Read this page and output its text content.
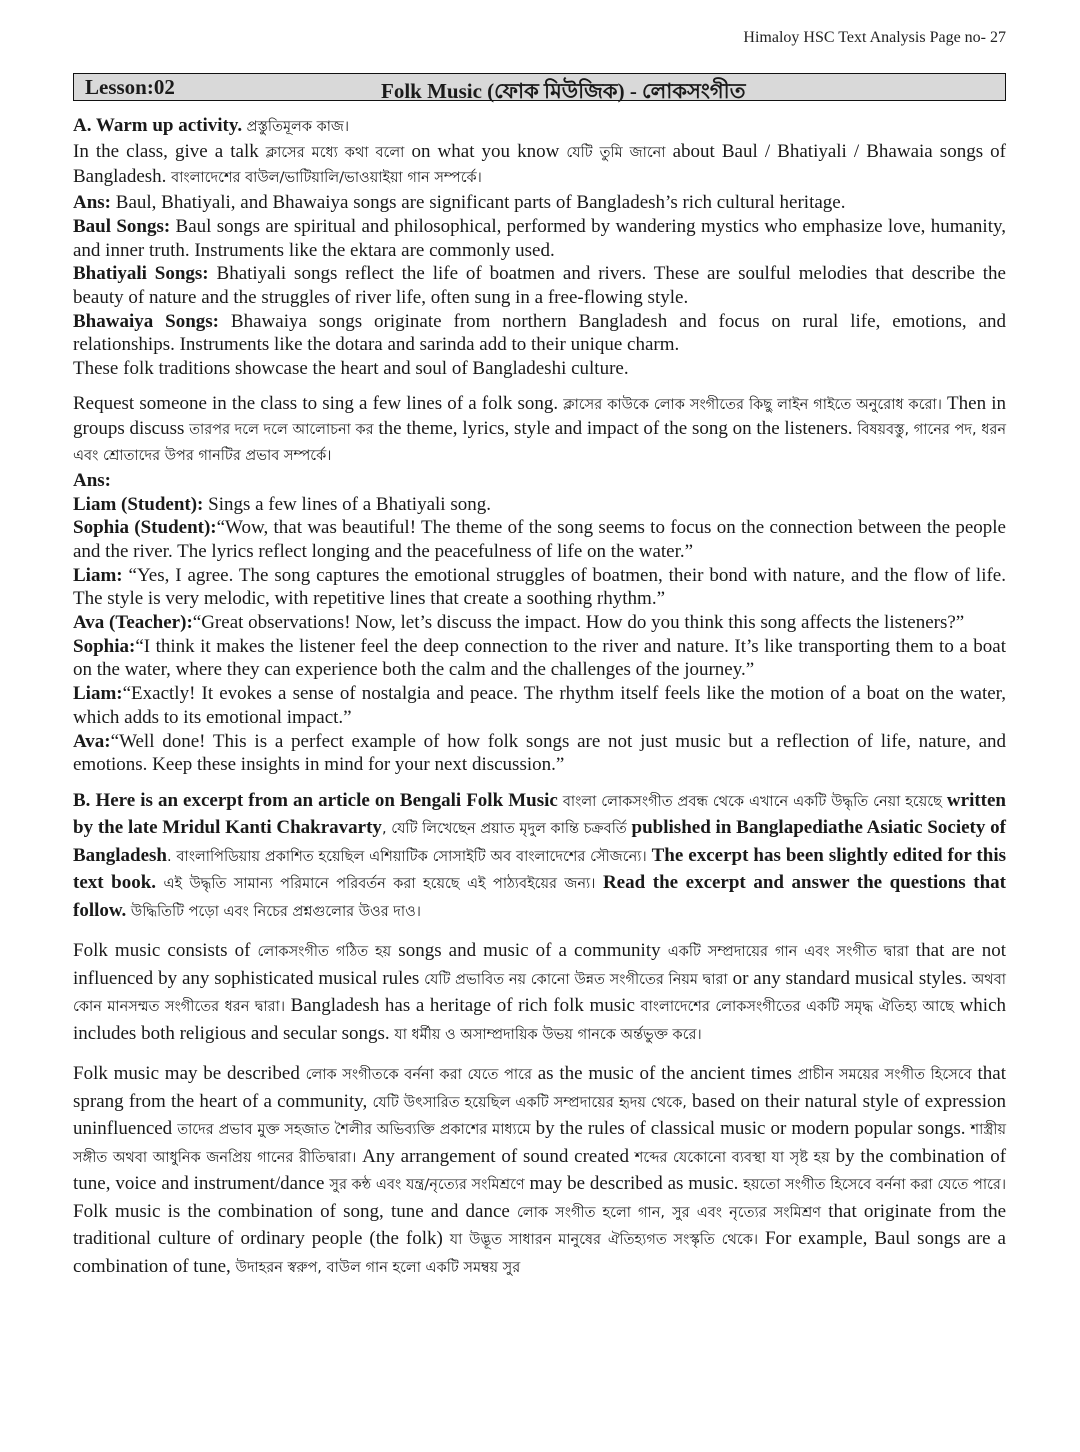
Himaloy HSC Text Analysis Page no- 27
Lesson:02	Folk Music (ফোক মিউজিক) - লোকসংগীত

A. Warm up activity. প্রস্তুতিমূলক কাজ।

In the class, give a talk ক্লাসের মধ্যে কথা বলো on what you know যেটি তুমি জানো about Baul / Bhatiyali / Bhawaia songs of Bangladesh. বাংলাদেশের বাউল/ভাটিয়ালি/ভাওয়াইয়া গান সম্পর্কে।

Ans: Baul, Bhatiyali, and Bhawaiya songs are significant parts of Bangladesh’s rich cultural heritage.

Baul Songs: Baul songs are spiritual and philosophical, performed by wandering mystics who emphasize love, humanity, and inner truth. Instruments like the ektara are commonly used.

Bhatiyali Songs: Bhatiyali songs reflect the life of boatmen and rivers. These are soulful melodies that describe the beauty of nature and the struggles of river life, often sung in a free-flowing style.

Bhawaiya Songs: Bhawaiya songs originate from northern Bangladesh and focus on rural life, emotions, and relationships. Instruments like the dotara and sarinda add to their unique charm.

These folk traditions showcase the heart and soul of Bangladeshi culture.

Request someone in the class to sing a few lines of a folk song. ক্লাসের কাউকে লোক সংগীতের কিছু লাইন গাইতে অনুরোধ করো। Then in groups discuss তারপর দলে দলে আলোচনা কর the theme, lyrics, style and impact of the song on the listeners. বিষয়বস্তু, গানের পদ, ধরন এবং শ্রোতাদের উপর গানটির প্রভাব সম্পর্কে।

Ans:

Liam (Student): Sings a few lines of a Bhatiyali song.

Sophia (Student):“Wow, that was beautiful! The theme of the song seems to focus on the connection between the people and the river. The lyrics reflect longing and the peacefulness of life on the water.”

Liam: “Yes, I agree. The song captures the emotional struggles of boatmen, their bond with nature, and the flow of life. The style is very melodic, with repetitive lines that create a soothing rhythm.”

Ava (Teacher):“Great observations! Now, let’s discuss the impact. How do you think this song affects the listeners?”

Sophia:“I think it makes the listener feel the deep connection to the river and nature. It’s like transporting them to a boat on the water, where they can experience both the calm and the challenges of the journey.”

Liam:“Exactly! It evokes a sense of nostalgia and peace. The rhythm itself feels like the motion of a boat on the water, which adds to its emotional impact.”

Ava:“Well done! This is a perfect example of how folk songs are not just music but a reflection of life, nature, and emotions. Keep these insights in mind for your next discussion.”

B. Here is an excerpt from an article on Bengali Folk Music বাংলা লোকসংগীত প্রবন্ধ থেকে এখানে একটি উদ্ধৃতি নেয়া হয়েছে written by the late Mridul Kanti Chakravarty, যেটি লিখেছেন প্রয়াত মৃদুল কান্তি চক্রবর্তি published in Banglapediathe Asiatic Society of Bangladesh. বাংলাপিডিয়ায় প্রকাশিত হয়েছিল এশিয়াটিক সোসাইটি অব বাংলাদেশের সৌজন্যে। The excerpt has been slightly edited for this text book. এই উদ্ধৃতি সামান্য পরিমানে পরিবর্তন করা হয়েছে এই পাঠ্যবইয়ের জন্য। Read the excerpt and answer the questions that follow. উদ্ধিতিটি পড়ো এবং নিচের প্রশ্নগুলোর উওর দাও।

Folk music consists of লোকসংগীত গঠিত হয় songs and music of a community একটি সম্প্রদায়ের গান এবং সংগীত দ্বারা that are not influenced by any sophisticated musical rules যেটি প্রভাবিত নয় কোনো উন্নত সংগীতের নিয়ম দ্বারা or any standard musical styles. অথবা কোন মানসম্মত সংগীতের ধরন দ্বারা। Bangladesh has a heritage of rich folk music বাংলাদেশের লোকসংগীতের একটি সমৃদ্ধ ঐতিহ্য আছে which includes both religious and secular songs. যা ধর্মীয় ও অসাম্প্রদায়িক উভয় গানকে অর্ন্তভুক্ত করে।

Folk music may be described লোক সংগীতকে বর্ননা করা যেতে পারে as the music of the ancient times প্রাচীন সময়ের সংগীত হিসেবে that sprang from the heart of a community, যেটি উৎসারিত হয়েছিল একটি সম্প্রদায়ের হৃদয় থেকে, based on their natural style of expression uninfluenced তাদের প্রভাব মুক্ত সহজাত শৈলীর অভিব্যক্তি প্রকাশের মাধ্যমে by the rules of classical music or modern popular songs. শাস্ত্রীয় সঙ্গীত অথবা আধুনিক জনপ্রিয় গানের রীতিদ্বারা। Any arrangement of sound created শব্দের যেকোনো ব্যবস্থা যা সৃষ্ট হয় by the combination of tune, voice and instrument/dance সুর কন্ঠ এবং যন্ত্র/নৃত্যের সংমিশ্রণে may be described as music. হয়তো সংগীত হিসেবে বর্ননা করা যেতে পারে। Folk music is the combination of song, tune and dance লোক সংগীত হলো গান, সুর এবং নৃত্যের সংমিশ্রণ that originate from the traditional culture of ordinary people (the folk) যা উদ্ভূত সাধারন মানুষের ঐতিহ্যগত সংস্কৃতি থেকে। For example, Baul songs are a combination of tune, উদাহরন স্বরুপ, বাউল গান হলো একটি সমম্বয় সুর
